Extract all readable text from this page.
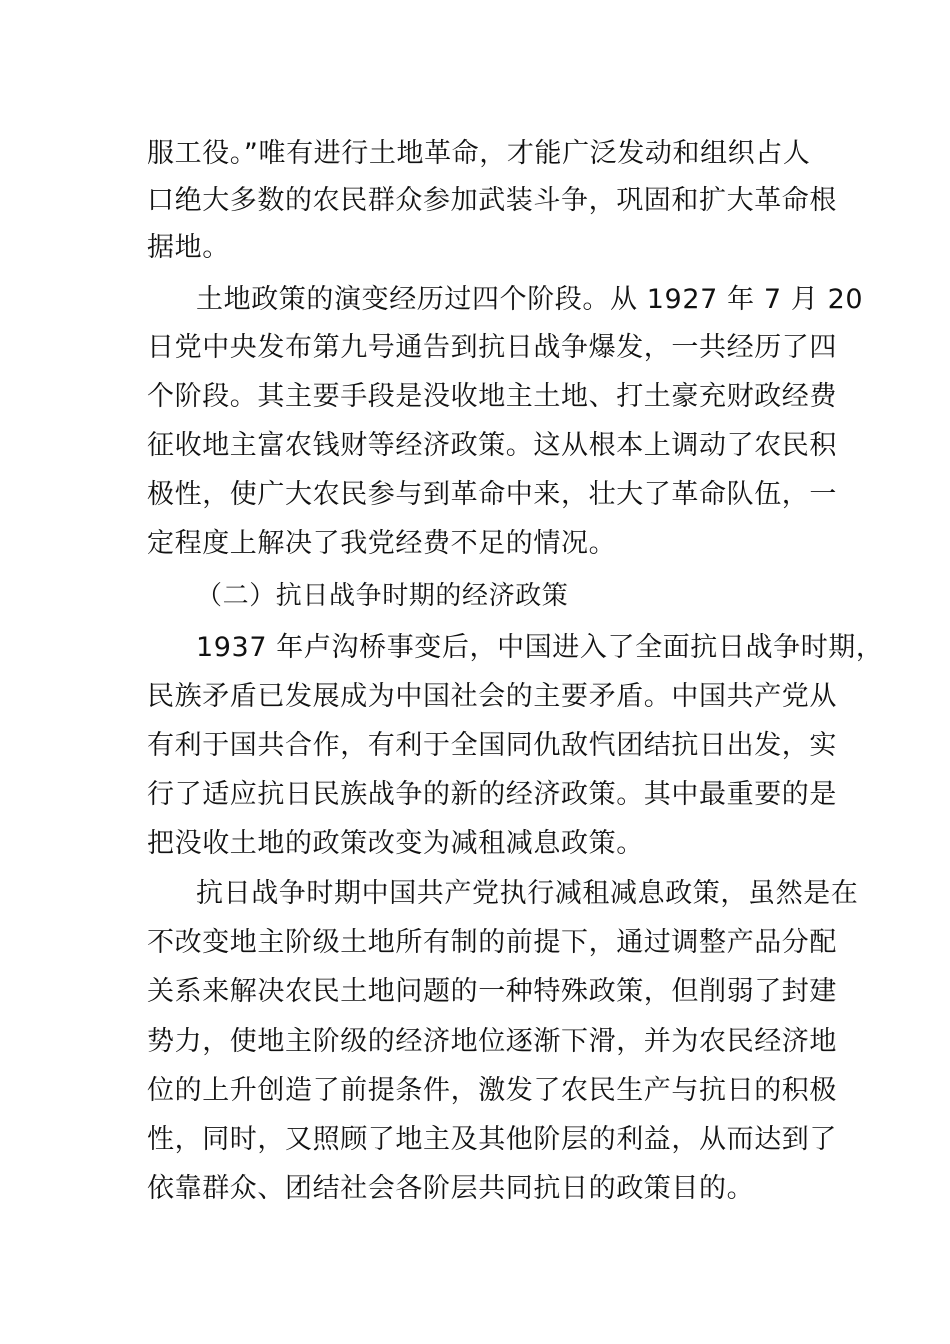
服工役。”唯有进行土地革命，才能广泛发动和组织占人
口绝大多数的农民群众参加武装斗争，巩固和扩大革命根
据地。
土地政策的演变经历过四个阶段。从 1927 年 7 月 20
日党中央发布第九号通告到抗日战争爆发，一共经历了四
个阶段。其主要手段是没收地主土地、打土豪充财政经费
征收地主富农钱财等经济政策。这从根本上调动了农民积
极性，使广大农民参与到革命中来，壮大了革命队伍，一
定程度上解决了我党经费不足的情况。
（二）抗日战争时期的经济政策
1937 年卢沟桥事变后，中国进入了全面抗日战争时期，
民族矛盾已发展成为中国社会的主要矛盾。中国共产党从
有利于国共合作，有利于全国同仇敌忾团结抗日出发，实
行了适应抗日民族战争的新的经济政策。其中最重要的是
把没收土地的政策改变为减租减息政策。
抗日战争时期中国共产党执行减租减息政策，虽然是在
不改变地主阶级土地所有制的前提下，通过调整产品分配
关系来解决农民土地问题的一种特殊政策，但削弱了封建
势力，使地主阶级的经济地位逐渐下滑，并为农民经济地
位的上升创造了前提条件，激发了农民生产与抗日的积极
性，同时，又照顾了地主及其他阶层的利益，从而达到了
依靠群众、团结社会各阶层共同抗日的政策目的。
